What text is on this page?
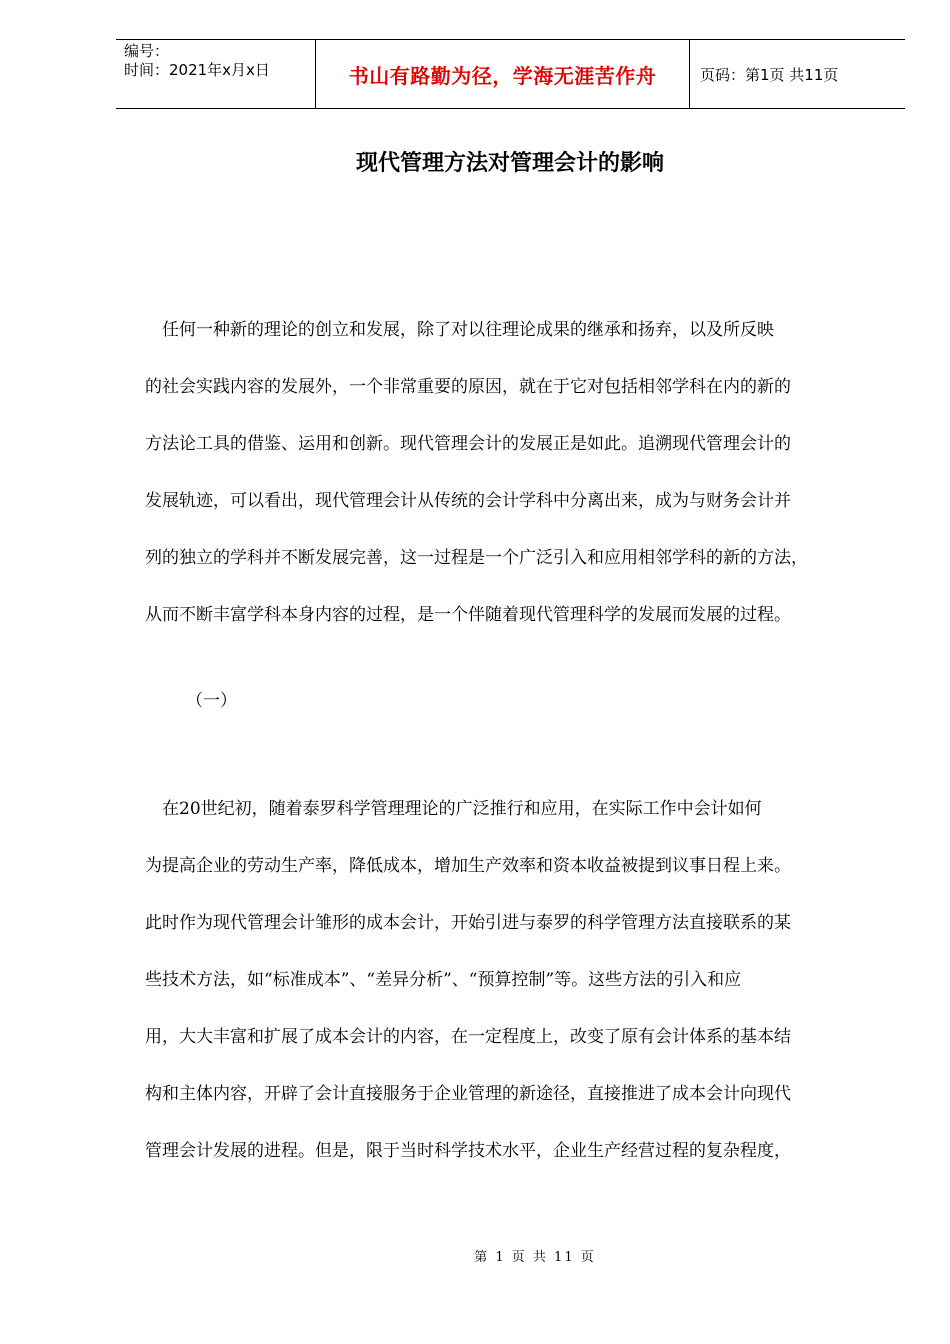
编号：
时间：2021年x月x日	书山有路勤为径，学海无涯苦作舟	页码：第1页 共11页
现代管理方法对管理会计的影响
　任何一种新的理论的创立和发展，除了对以往理论成果的继承和扬弃，以及所反映
的社会实践内容的发展外，一个非常重要的原因，就在于它对包括相邻学科在内的新的
方法论工具的借鉴、运用和创新。现代管理会计的发展正是如此。追溯现代管理会计的
发展轨迹，可以看出，现代管理会计从传统的会计学科中分离出来，成为与财务会计并
列的独立的学科并不断发展完善，这一过程是一个广泛引入和应用相邻学科的新的方法，
从而不断丰富学科本身内容的过程，是一个伴随着现代管理科学的发展而发展的过程。
（一）
　在20世纪初，随着泰罗科学管理理论的广泛推行和应用，在实际工作中会计如何
为提高企业的劳动生产率，降低成本，增加生产效率和资本收益被提到议事日程上来。
此时作为现代管理会计雏形的成本会计，开始引进与泰罗的科学管理方法直接联系的某
些技术方法，如“标准成本”、“差异分析”、“预算控制”等。这些方法的引入和应
用，大大丰富和扩展了成本会计的内容，在一定程度上，改变了原有会计体系的基本结
构和主体内容，开辟了会计直接服务于企业管理的新途径，直接推进了成本会计向现代
管理会计发展的进程。但是，限于当时科学技术水平，企业生产经营过程的复杂程度，
第 1 页 共 11 页
